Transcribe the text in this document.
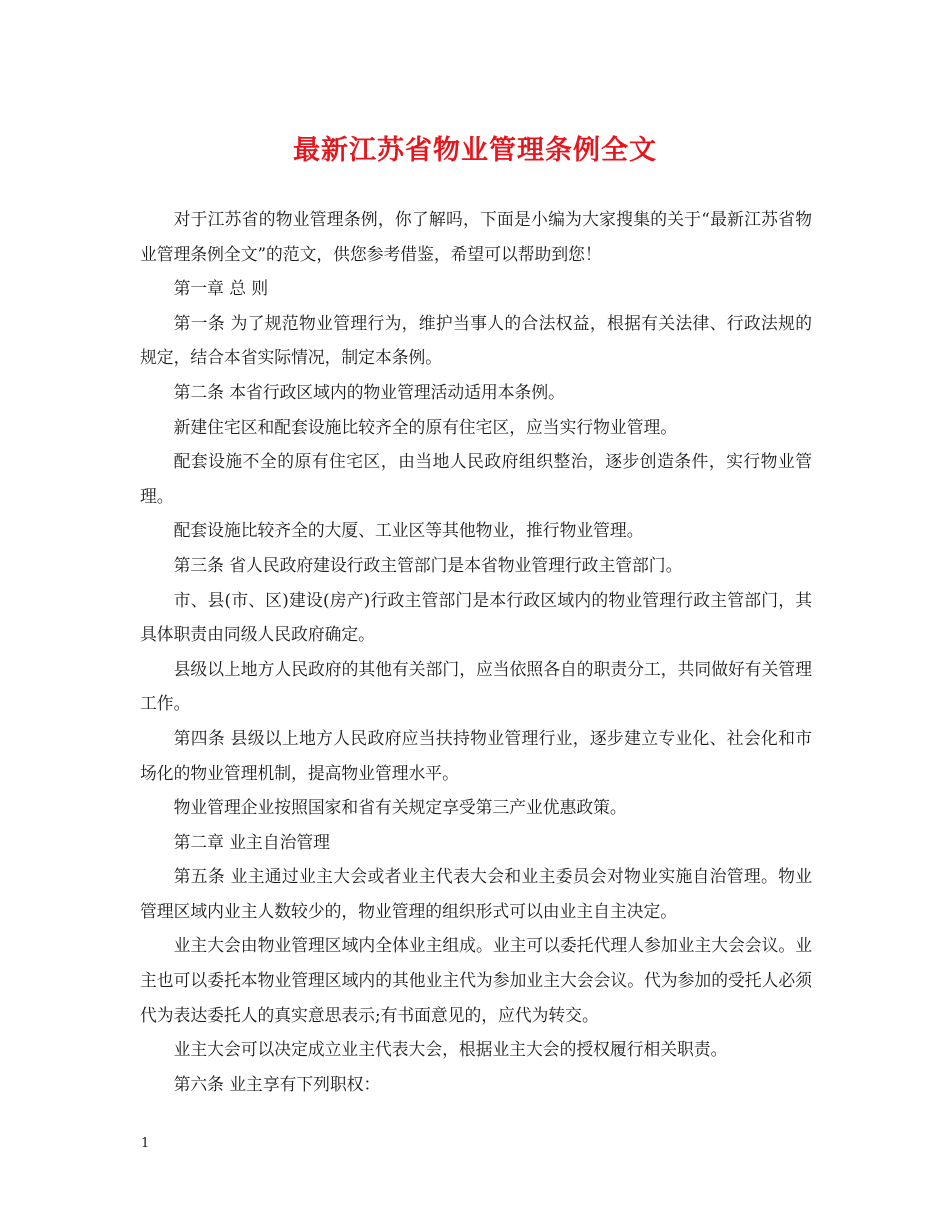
最新江苏省物业管理条例全文

对于江苏省的物业管理条例，你了解吗，下面是小编为大家搜集的关于“最新江苏省物业管理条例全文”的范文，供您参考借鉴，希望可以帮助到您！

第一章 总 则

第一条 为了规范物业管理行为，维护当事人的合法权益，根据有关法律、行政法规的规定，结合本省实际情况，制定本条例。

第二条 本省行政区域内的物业管理活动适用本条例。

新建住宅区和配套设施比较齐全的原有住宅区，应当实行物业管理。

配套设施不全的原有住宅区，由当地人民政府组织整治，逐步创造条件，实行物业管理。

配套设施比较齐全的大厦、工业区等其他物业，推行物业管理。

第三条 省人民政府建设行政主管部门是本省物业管理行政主管部门。

市、县(市、区)建设(房产)行政主管部门是本行政区域内的物业管理行政主管部门，其具体职责由同级人民政府确定。

县级以上地方人民政府的其他有关部门，应当依照各自的职责分工，共同做好有关管理工作。

第四条 县级以上地方人民政府应当扶持物业管理行业，逐步建立专业化、社会化和市场化的物业管理机制，提高物业管理水平。

物业管理企业按照国家和省有关规定享受第三产业优惠政策。

第二章 业主自治管理

第五条 业主通过业主大会或者业主代表大会和业主委员会对物业实施自治管理。物业管理区域内业主人数较少的，物业管理的组织形式可以由业主自主决定。

业主大会由物业管理区域内全体业主组成。业主可以委托代理人参加业主大会会议。业主也可以委托本物业管理区域内的其他业主代为参加业主大会会议。代为参加的受托人必须代为表达委托人的真实意思表示;有书面意见的，应代为转交。

业主大会可以决定成立业主代表大会，根据业主大会的授权履行相关职责。

第六条 业主享有下列职权：

1
